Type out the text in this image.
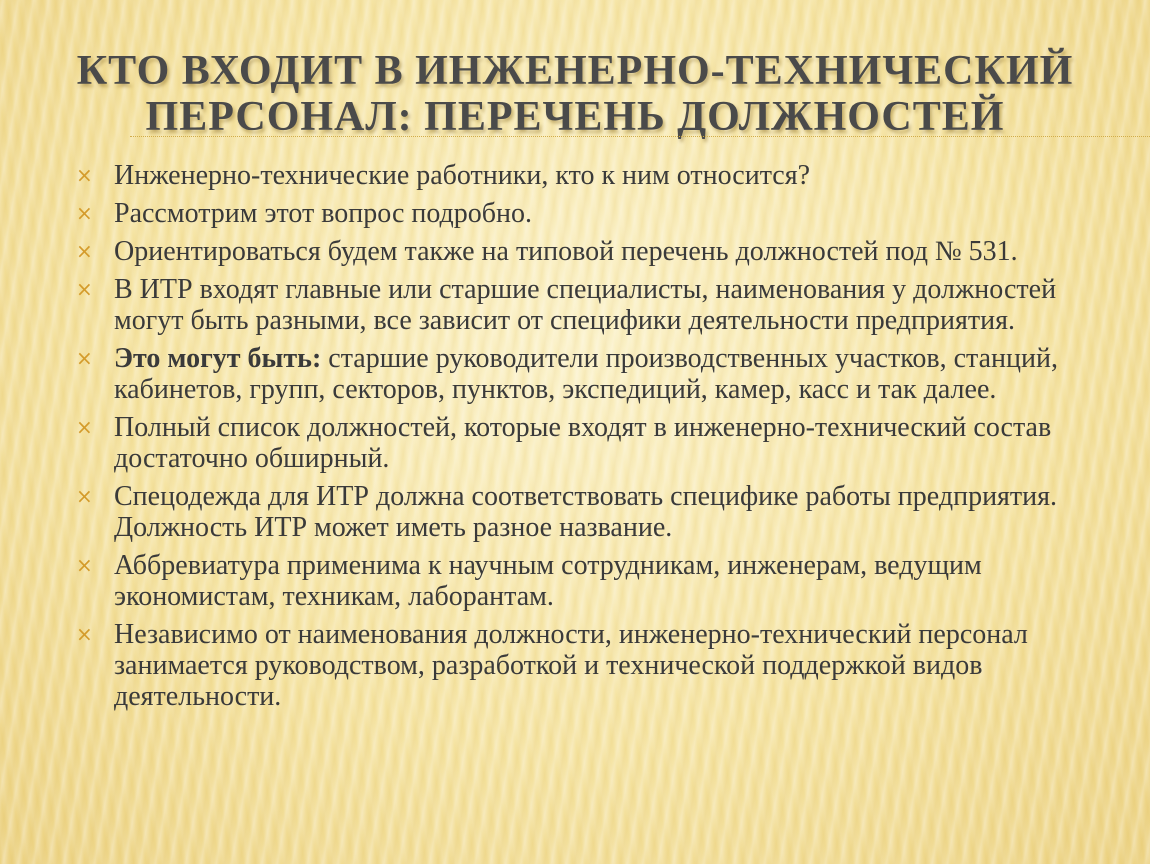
КТО ВХОДИТ В ИНЖЕНЕРНО-ТЕХНИЧЕСКИЙ
ПЕРСОНАЛ: ПЕРЕЧЕНЬ ДОЛЖНОСТЕЙ
× Инженерно-технические работники, кто к ним относится?
× Рассмотрим этот вопрос подробно.
× Ориентироваться будем также на типовой перечень должностей под № 531.
× В ИТР входят главные или старшие специалисты, наименования у должностей могут быть разными, все зависит от специфики деятельности предприятия.
× Это могут быть: старшие руководители производственных участков, станций, кабинетов, групп, секторов, пунктов, экспедиций, камер, касс и так далее.
× Полный список должностей, которые входят в инженерно-технический состав достаточно обширный.
× Спецодежда для ИТР должна соответствовать специфике работы предприятия. Должность ИТР может иметь разное название.
× Аббревиатура применима к научным сотрудникам, инженерам, ведущим экономистам, техникам, лаборантам.
× Независимо от наименования должности, инженерно-технический персонал занимается руководством, разработкой и технической поддержкой видов деятельности.
